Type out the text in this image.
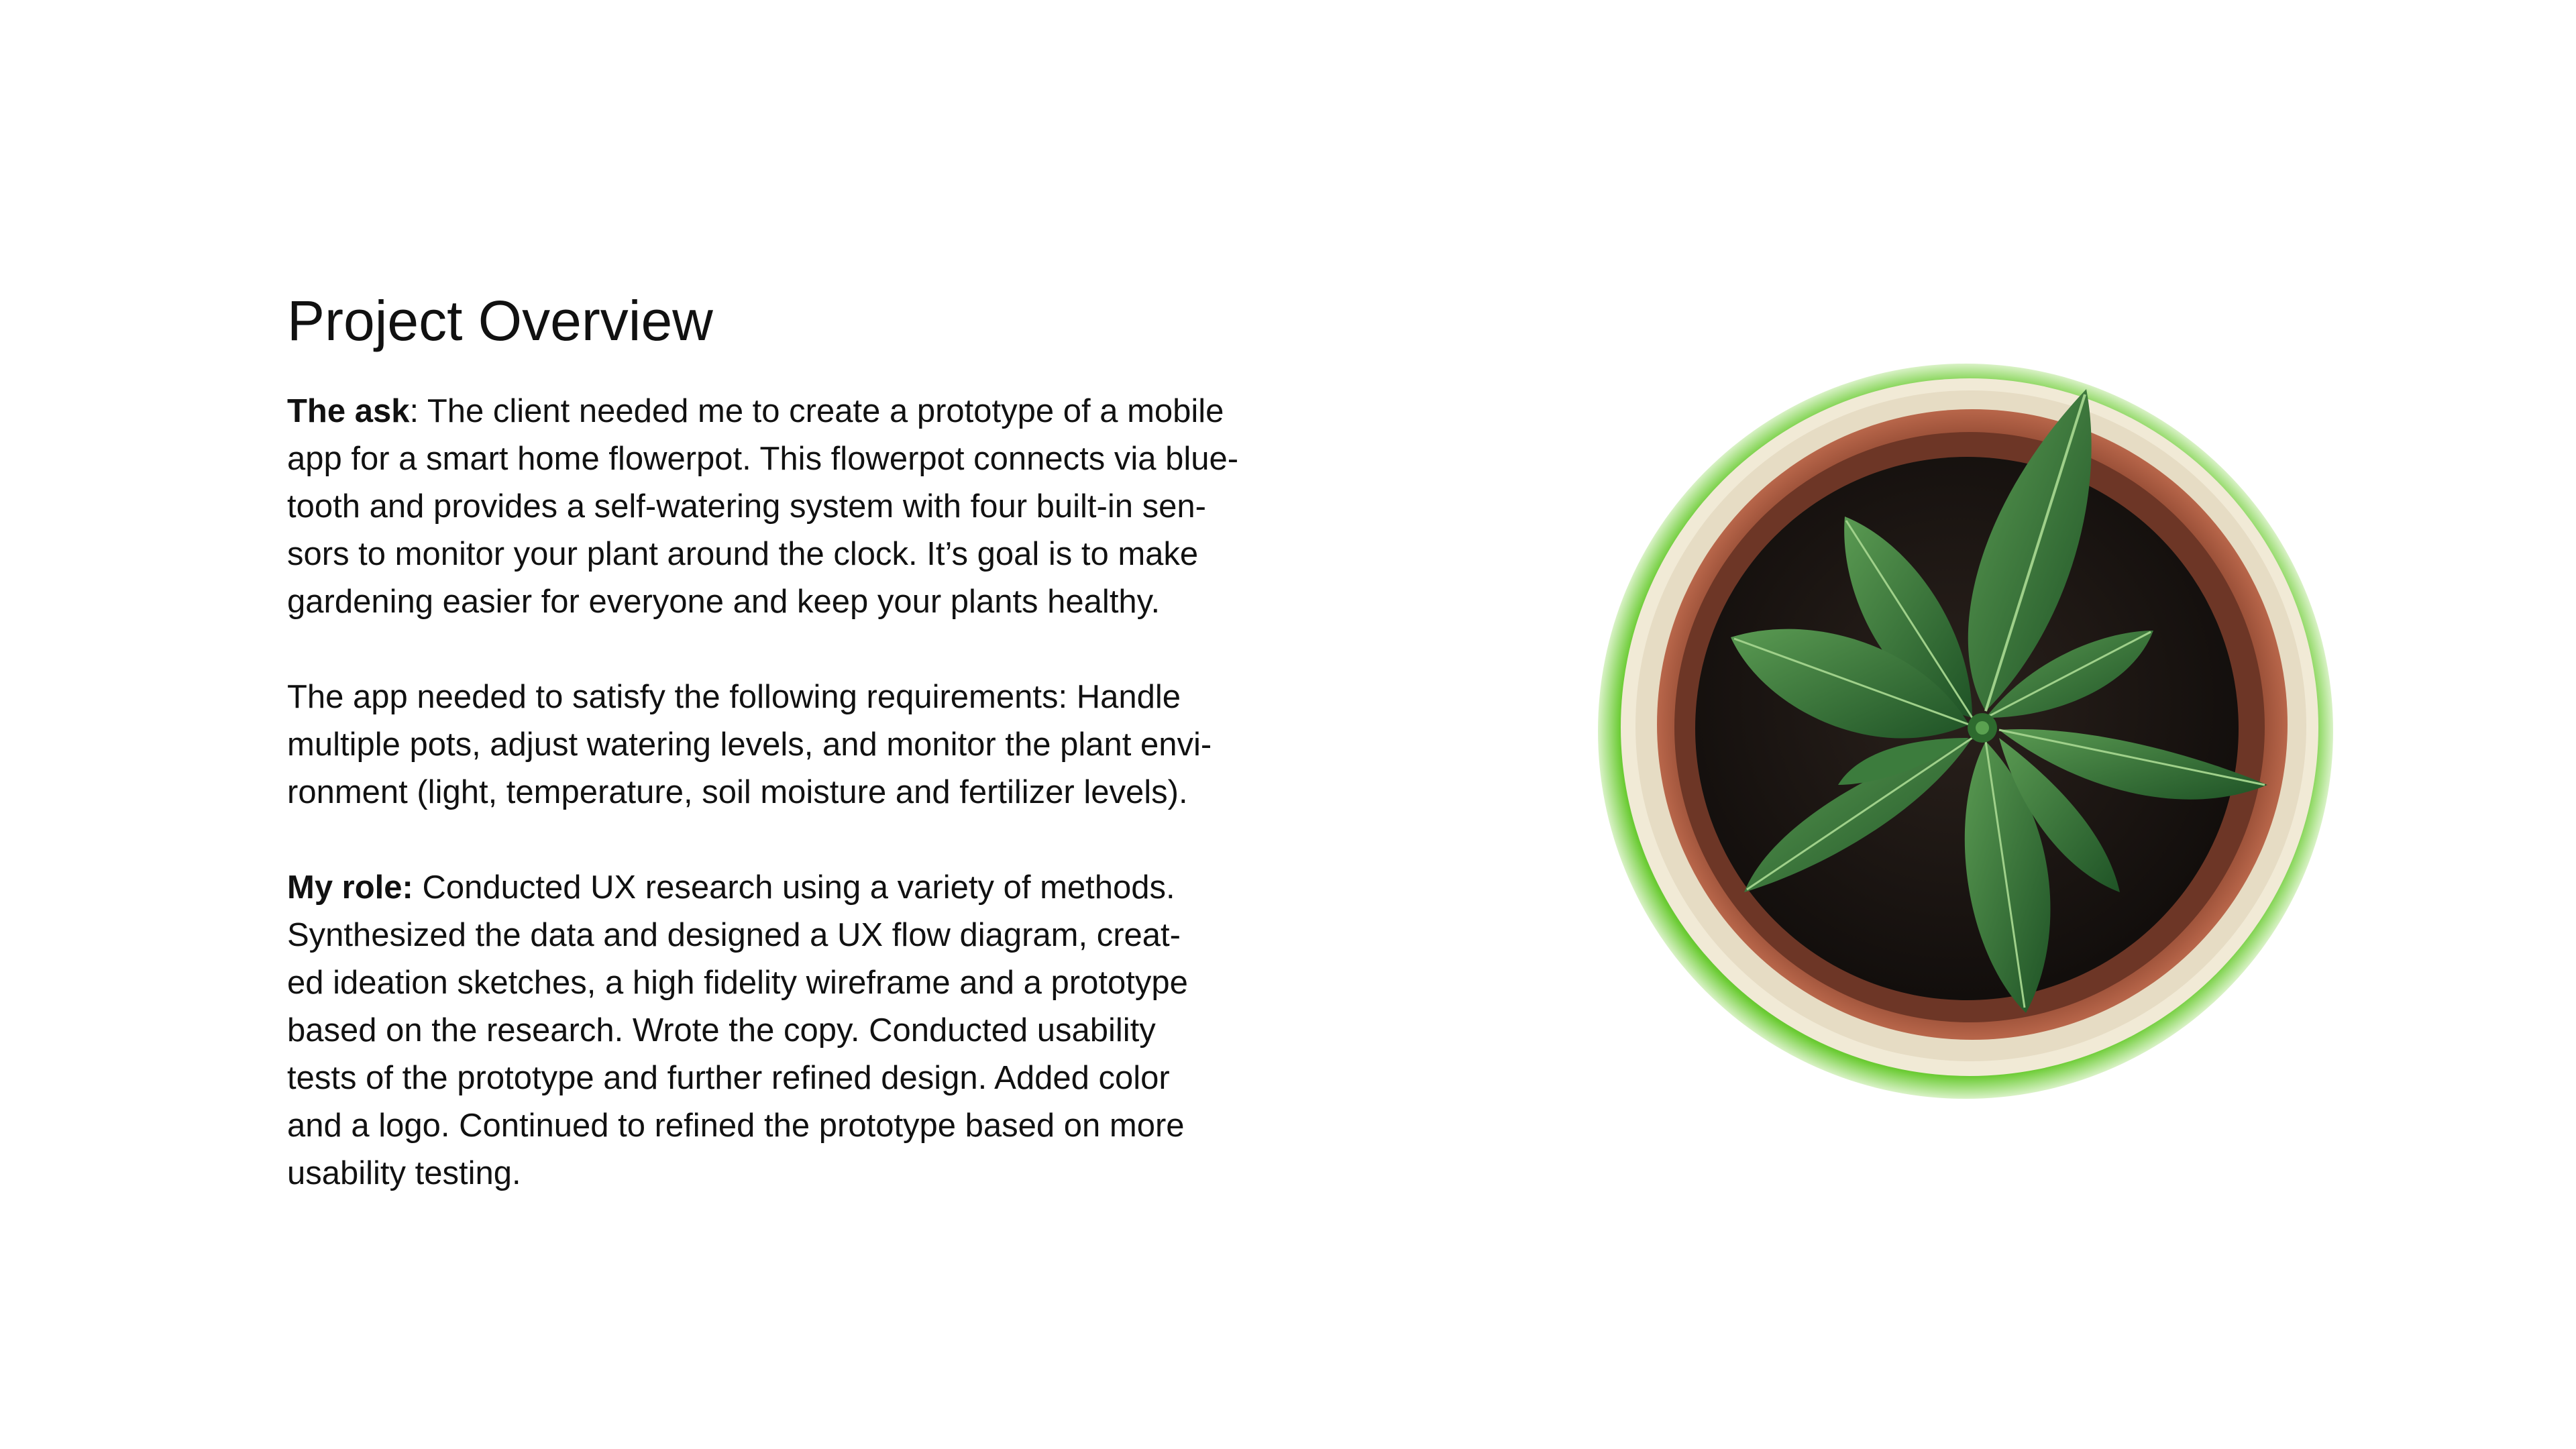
Project Overview

The ask: The client needed me to create a prototype of a mobile
app for a smart home flowerpot. This flowerpot connects via blue-
tooth and provides a self-watering system with four built-in sen-
sors to monitor your plant around the clock. It’s goal is to make
gardening easier for everyone and keep your plants healthy.

The app needed to satisfy the following requirements: Handle
multiple pots, adjust watering levels, and monitor the plant envi-
ronment (light, temperature, soil moisture and fertilizer levels).

My role: Conducted UX research using a variety of methods.
Synthesized the data and designed a UX flow diagram, creat-
ed ideation sketches, a high fidelity wireframe and a prototype
based on the research. Wrote the copy. Conducted usability
tests of the prototype and further refined design. Added color
and a logo. Continued to refined the prototype based on more
usability testing.
